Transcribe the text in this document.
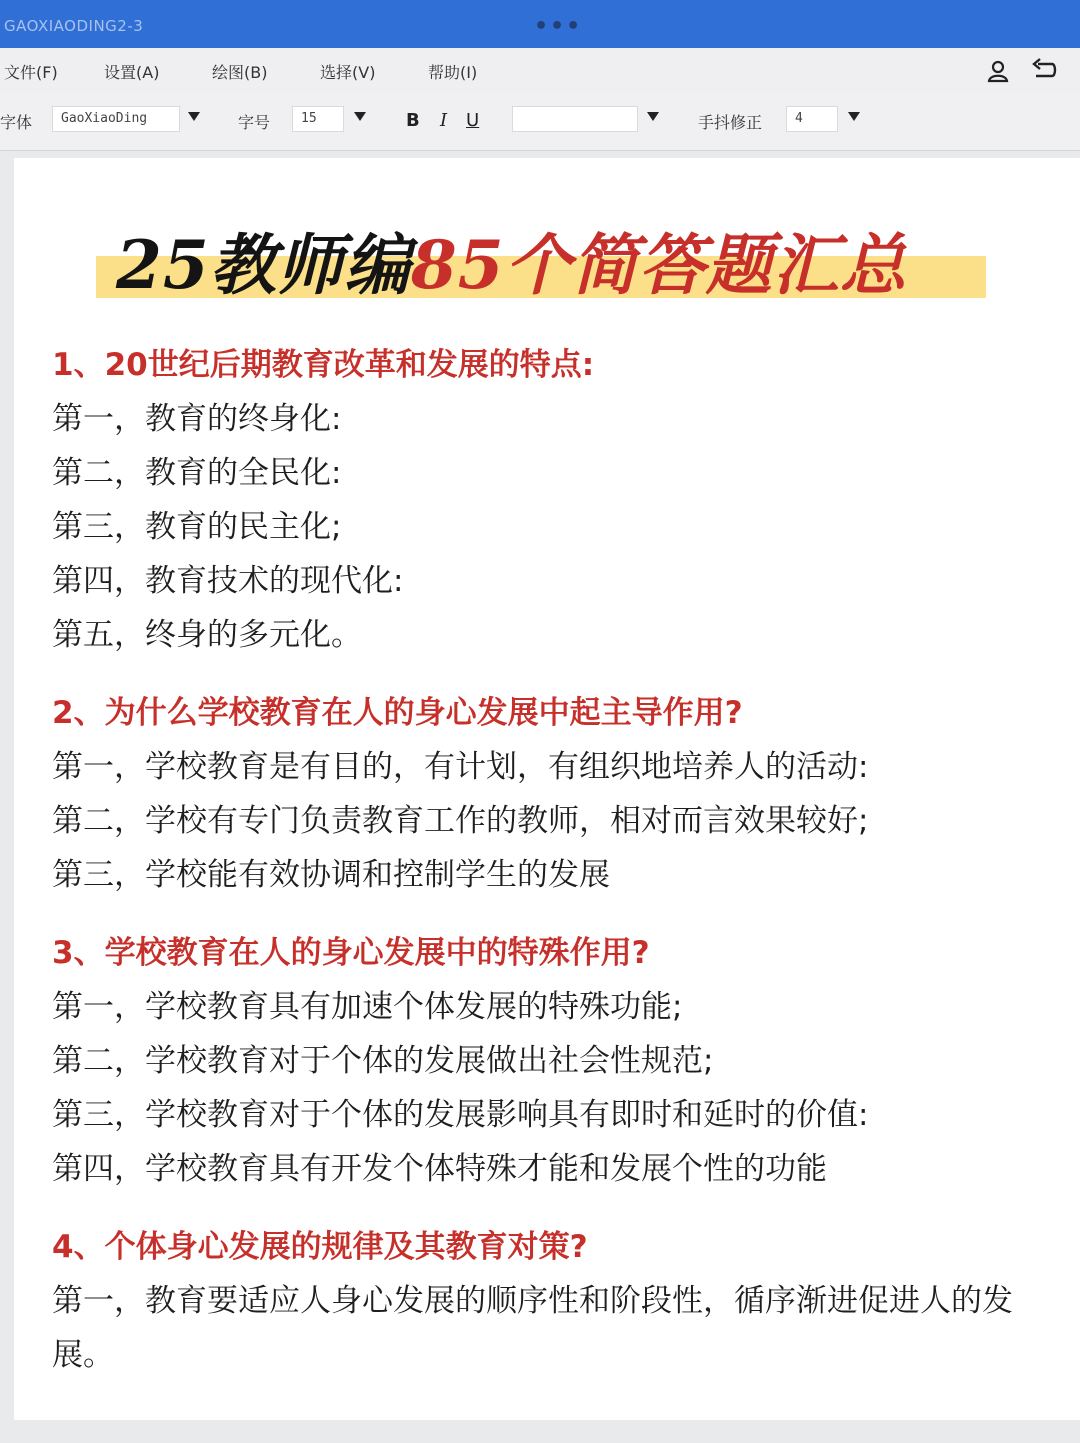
GAOXIAODING2-3	•••
文件(F)	设置(A)	绘图(B)	选择(V)	帮助(I)
字体	GaoXiaoDing	字号	15	B I U	手抖修正	4
25教师编85个简答题汇总
1、20世纪后期教育改革和发展的特点:
第一，教育的终身化:
第二，教育的全民化:
第三，教育的民主化;
第四，教育技术的现代化:
第五，终身的多元化。
2、为什么学校教育在人的身心发展中起主导作用?
第一，学校教育是有目的，有计划，有组织地培养人的活动:
第二，学校有专门负责教育工作的教师，相对而言效果较好;
第三，学校能有效协调和控制学生的发展
3、学校教育在人的身心发展中的特殊作用?
第一，学校教育具有加速个体发展的特殊功能;
第二，学校教育对于个体的发展做出社会性规范;
第三，学校教育对于个体的发展影响具有即时和延时的价值:
第四，学校教育具有开发个体特殊才能和发展个性的功能
4、个体身心发展的规律及其教育对策?
第一，教育要适应人身心发展的顺序性和阶段性，循序渐进促进人的发展。
